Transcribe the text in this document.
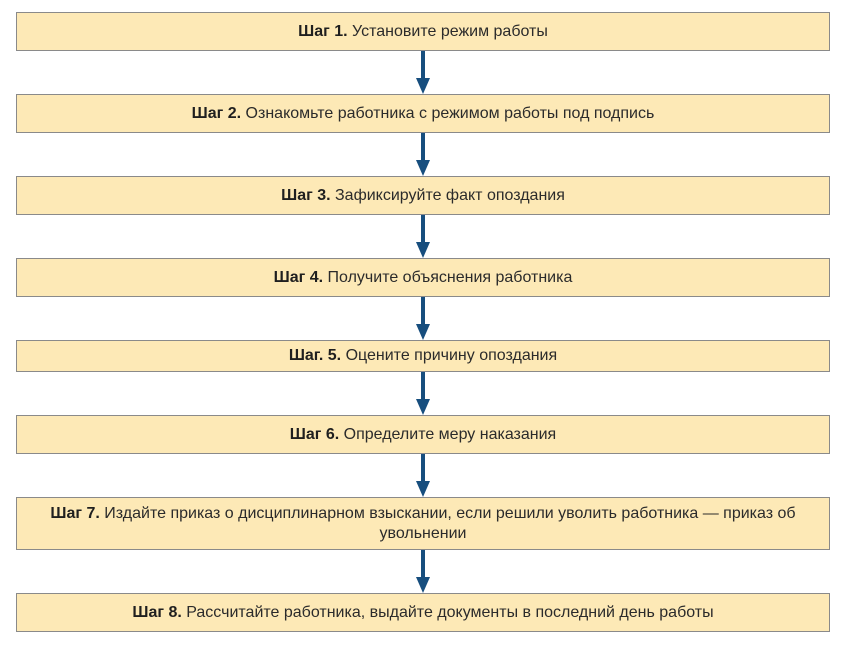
Шаг 1. Установите режим работы
Шаг 2. Ознакомьте работника с режимом работы под подпись
Шаг 3. Зафиксируйте факт опоздания
Шаг 4. Получите объяснения работника
Шаг. 5. Оцените причину опоздания
Шаг 6. Определите меру наказания
Шаг 7. Издайте приказ о дисциплинарном взыскании, если решили уволить работника — приказ об увольнении
Шаг 8. Рассчитайте работника, выдайте документы в последний день работы
